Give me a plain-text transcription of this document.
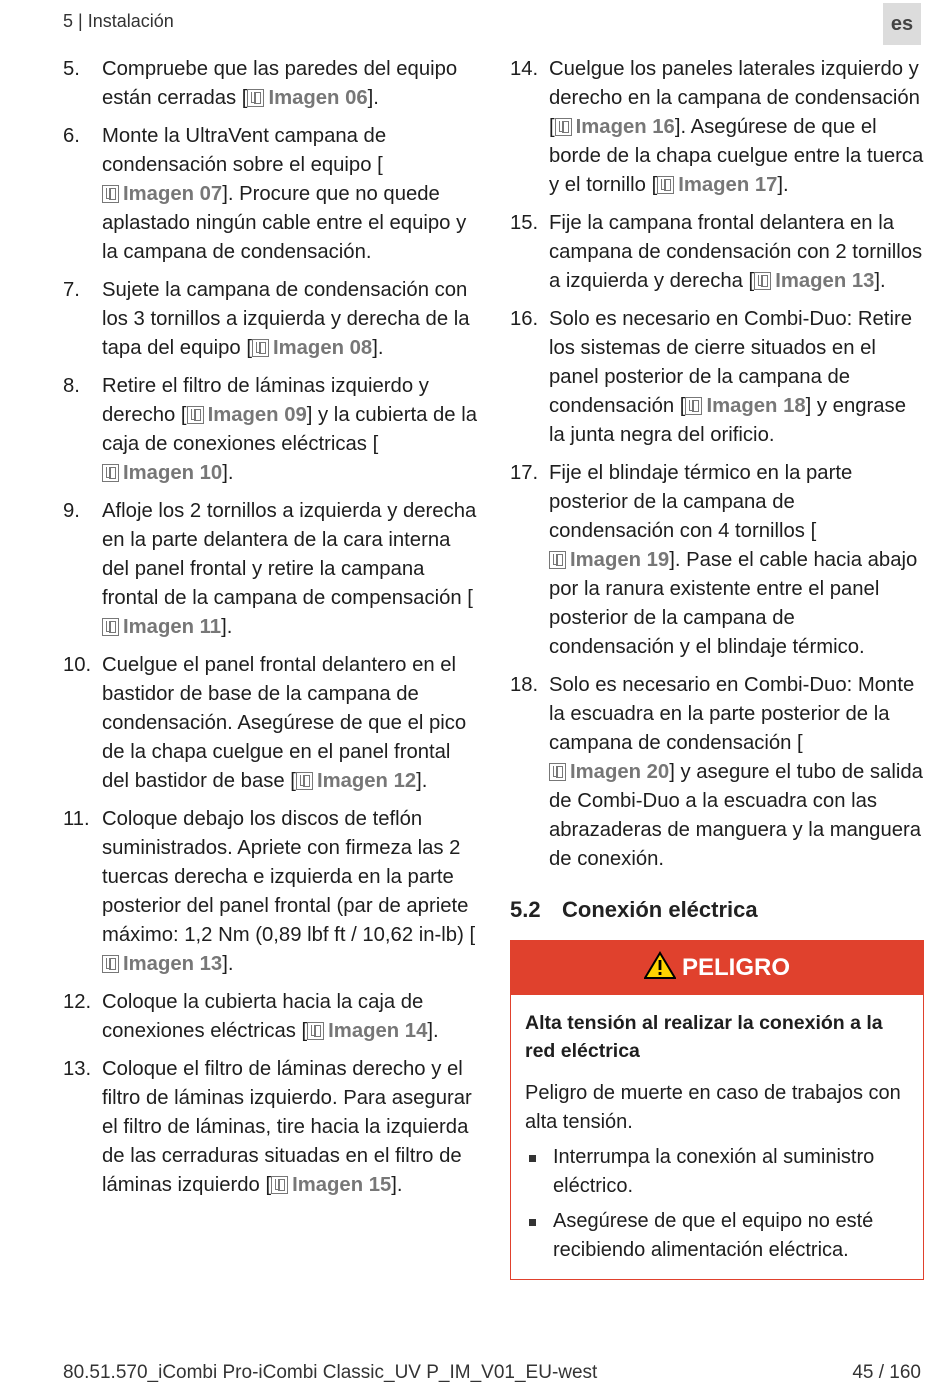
5 | Instalación	es
5. Compruebe que las paredes del equipo están cerradas [ Imagen 06].
6. Monte la UltraVent campana de condensación sobre el equipo [Imagen 07]. Procure que no quede aplastado ningún cable entre el equipo y la campana de condensación.
7. Sujete la campana de condensación con los 3 tornillos a izquierda y derecha de la tapa del equipo [ Imagen 08].
8. Retire el filtro de láminas izquierdo y derecho [ Imagen 09] y la cubierta de la caja de conexiones eléctricas [Imagen 10].
9. Afloje los 2 tornillos a izquierda y derecha en la parte delantera de la cara interna del panel frontal y retire la campana frontal de la campana de compensación [Imagen 11].
10. Cuelgue el panel frontal delantero en el bastidor de base de la campana de condensación. Asegúrese de que el pico de la chapa cuelgue en el panel frontal del bastidor de base [ Imagen 12].
11. Coloque debajo los discos de teflón suministrados. Apriete con firmeza las 2 tuercas derecha e izquierda en la parte posterior del panel frontal (par de apriete máximo: 1,2 Nm (0,89 lbf ft / 10,62 in-lb) [Imagen 13].
12. Coloque la cubierta hacia la caja de conexiones eléctricas [ Imagen 14].
13. Coloque el filtro de láminas derecho y el filtro de láminas izquierdo. Para asegurar el filtro de láminas, tire hacia la izquierda de las cerraduras situadas en el filtro de láminas izquierdo [ Imagen 15].
14. Cuelgue los paneles laterales izquierdo y derecho en la campana de condensación [ Imagen 16]. Asegúrese de que el borde de la chapa cuelgue entre la tuerca y el tornillo [ Imagen 17].
15. Fije la campana frontal delantera en la campana de condensación con 2 tornillos a izquierda y derecha [ Imagen 13].
16. Solo es necesario en Combi-Duo: Retire los sistemas de cierre situados en el panel posterior de la campana de condensación [ Imagen 18] y engrase la junta negra del orificio.
17. Fije el blindaje térmico en la parte posterior de la campana de condensación con 4 tornillos [Imagen 19]. Pase el cable hacia abajo por la ranura existente entre el panel posterior de la campana de condensación y el blindaje térmico.
18. Solo es necesario en Combi-Duo: Monte la escuadra en la parte posterior de la campana de condensación [Imagen 20] y asegure el tubo de salida de Combi-Duo a la escuadra con las abrazaderas de manguera y la manguera de conexión.
5.2 Conexión eléctrica
PELIGRO
Alta tensión al realizar la conexión a la red eléctrica
Peligro de muerte en caso de trabajos con alta tensión.
Interrumpa la conexión al suministro eléctrico.
Asegúrese de que el equipo no esté recibiendo alimentación eléctrica.
80.51.570_iCombi Pro-iCombi Classic_UV P_IM_V01_EU-west	45 / 160
